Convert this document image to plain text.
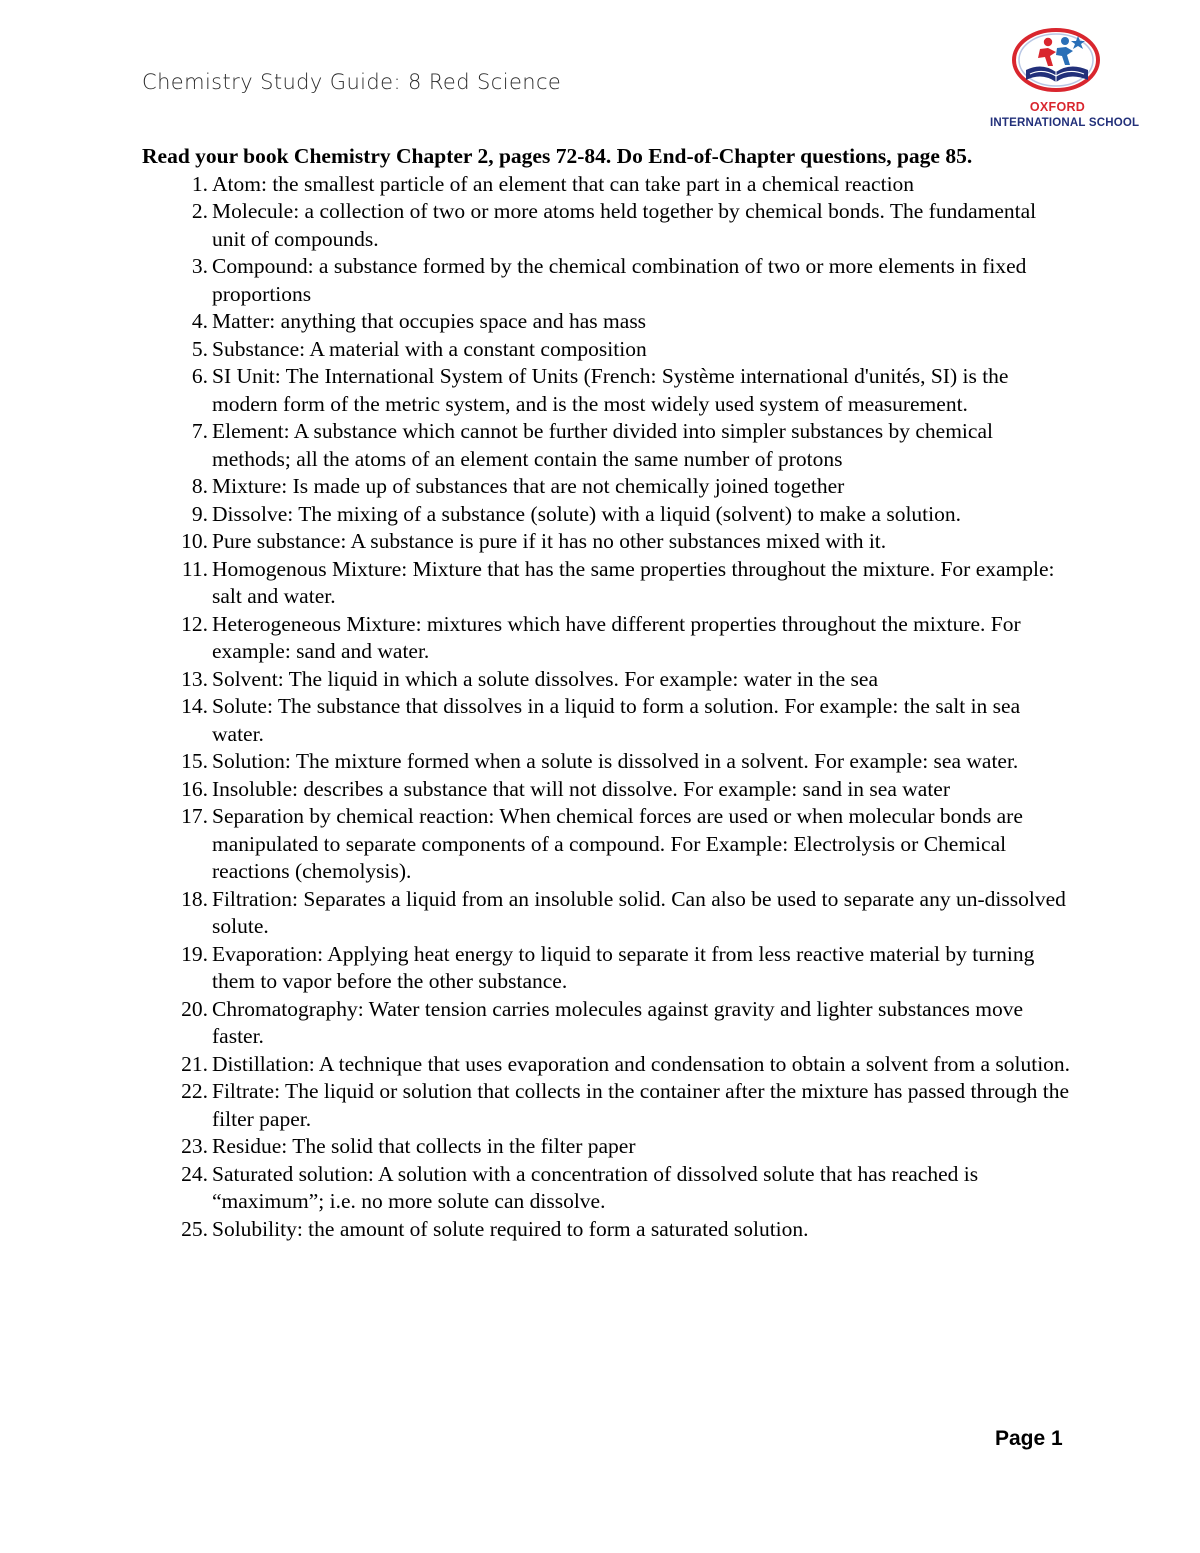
Chemistry Study Guide: 8 Red Science
OXFORD
INTERNATIONAL SCHOOL

Read your book Chemistry Chapter 2, pages 72-84. Do End-of-Chapter questions, page 85.

1. Atom: the smallest particle of an element that can take part in a chemical reaction
2. Molecule: a collection of two or more atoms held together by chemical bonds. The fundamental unit of compounds.
3. Compound: a substance formed by the chemical combination of two or more elements in fixed proportions
4. Matter: anything that occupies space and has mass
5. Substance: A material with a constant composition
6. SI Unit: The International System of Units (French: Système international d'unités, SI) is the modern form of the metric system, and is the most widely used system of measurement.
7. Element: A substance which cannot be further divided into simpler substances by chemical methods; all the atoms of an element contain the same number of protons
8. Mixture: Is made up of substances that are not chemically joined together
9. Dissolve: The mixing of a substance (solute) with a liquid (solvent) to make a solution.
10. Pure substance: A substance is pure if it has no other substances mixed with it.
11. Homogenous Mixture: Mixture that has the same properties throughout the mixture. For example: salt and water.
12. Heterogeneous Mixture: mixtures which have different properties throughout the mixture. For example: sand and water.
13. Solvent: The liquid in which a solute dissolves. For example: water in the sea
14. Solute: The substance that dissolves in a liquid to form a solution. For example: the salt in sea water.
15. Solution: The mixture formed when a solute is dissolved in a solvent. For example: sea water.
16. Insoluble: describes a substance that will not dissolve. For example: sand in sea water
17. Separation by chemical reaction: When chemical forces are used or when molecular bonds are manipulated to separate components of a compound. For Example: Electrolysis or Chemical reactions (chemolysis).
18. Filtration: Separates a liquid from an insoluble solid. Can also be used to separate any un-dissolved solute.
19. Evaporation: Applying heat energy to liquid to separate it from less reactive material by turning them to vapor before the other substance.
20. Chromatography: Water tension carries molecules against gravity and lighter substances move faster.
21. Distillation: A technique that uses evaporation and condensation to obtain a solvent from a solution.
22. Filtrate: The liquid or solution that collects in the container after the mixture has passed through the filter paper.
23. Residue: The solid that collects in the filter paper
24. Saturated solution: A solution with a concentration of dissolved solute that has reached is “maximum”; i.e. no more solute can dissolve.
25. Solubility: the amount of solute required to form a saturated solution.
Page 1
